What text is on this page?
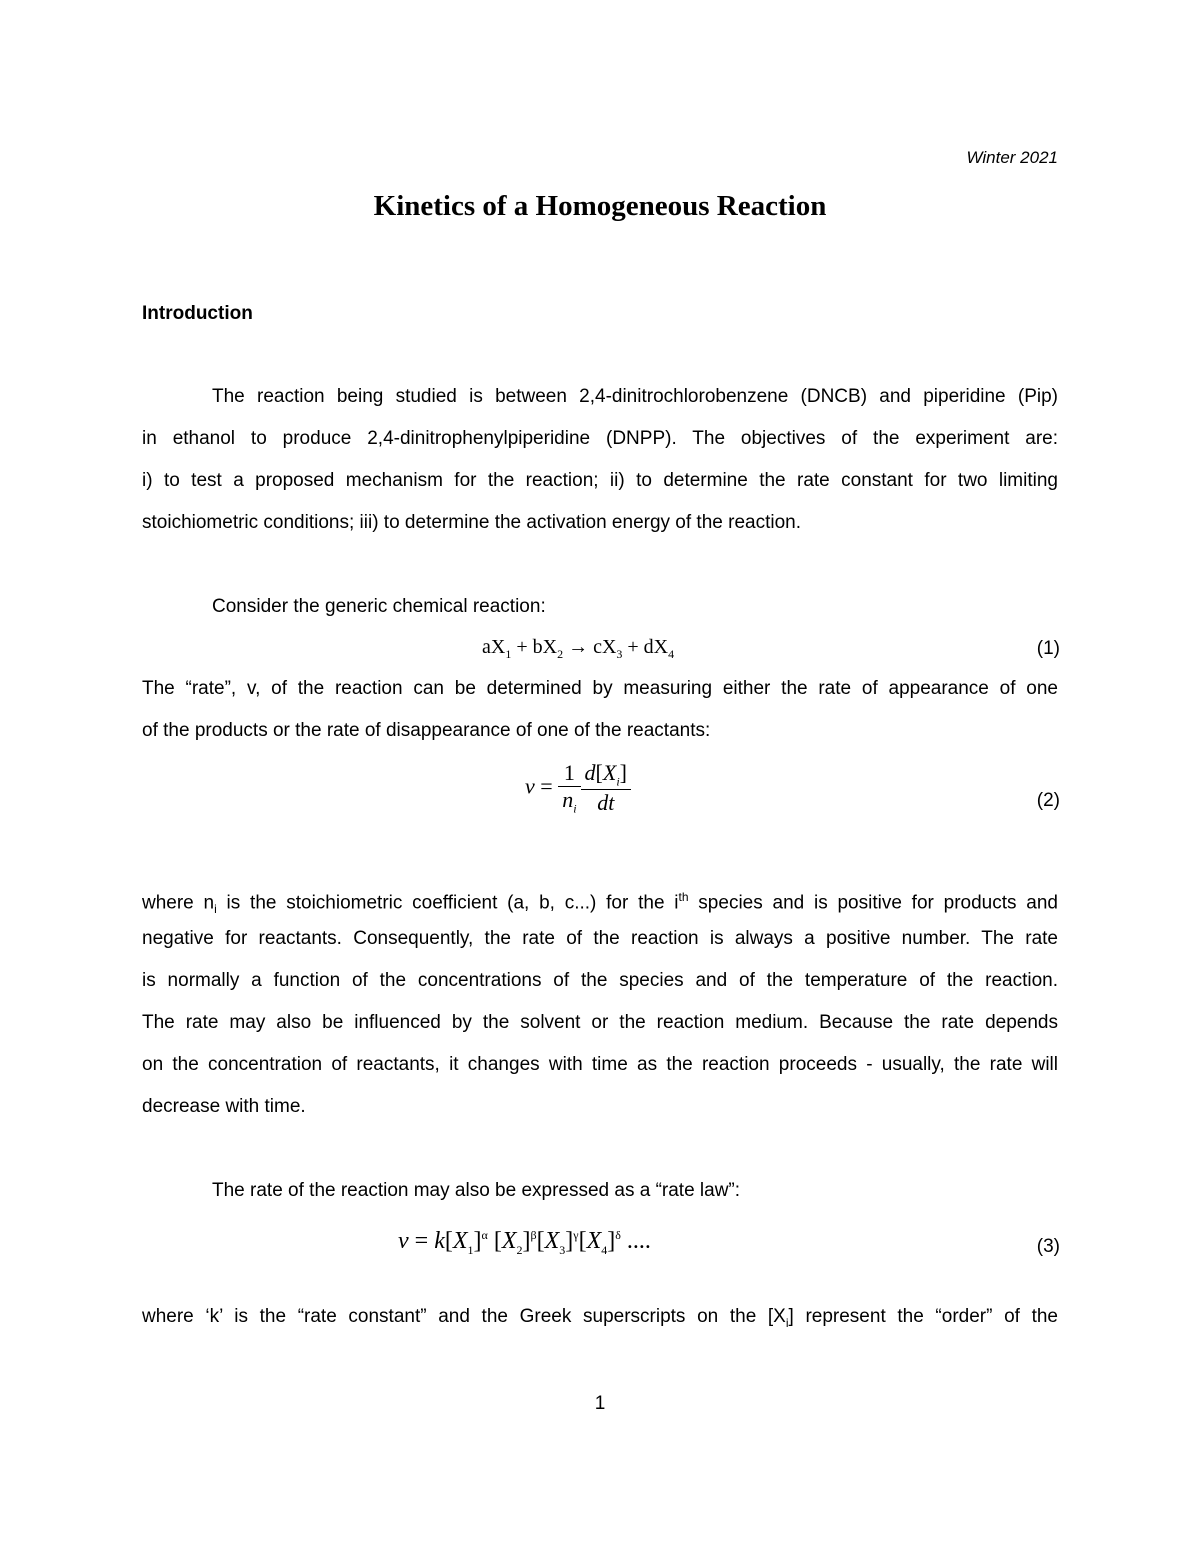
Winter 2021
Kinetics of a Homogeneous Reaction
Introduction
The reaction being studied is between 2,4-dinitrochlorobenzene (DNCB) and piperidine (Pip)
in ethanol to produce 2,4-dinitrophenylpiperidine (DNPP). The objectives of the experiment are:
i) to test a proposed mechanism for the reaction; ii) to determine the rate constant for two limiting
stoichiometric conditions; iii) to determine the activation energy of the reaction.
Consider the generic chemical reaction:
$aX_1 + bX_2 \to cX_3 + dX_4$	(1)
The “rate”, v, of the reaction can be determined by measuring either the rate of appearance of one
of the products or the rate of disappearance of one of the reactants:
$v = \frac{1}{n_i} \frac{d[X_i]}{dt}$	(2)
where $n_i$ is the stoichiometric coefficient (a, b, c...) for the $i^{th}$ species and is positive for products and
negative for reactants. Consequently, the rate of the reaction is always a positive number. The rate
is normally a function of the concentrations of the species and of the temperature of the reaction.
The rate may also be influenced by the solvent or the reaction medium. Because the rate depends
on the concentration of reactants, it changes with time as the reaction proceeds - usually, the rate will
decrease with time.
The rate of the reaction may also be expressed as a “rate law”:
$v = k[X_1]^\alpha$ $[X_2]^\beta[X_3]^\gamma[X_4]^\delta$ ....	(3)
where ‘k’ is the “rate constant” and the Greek superscripts on the $[X_i]$ represent the “order” of the
1
